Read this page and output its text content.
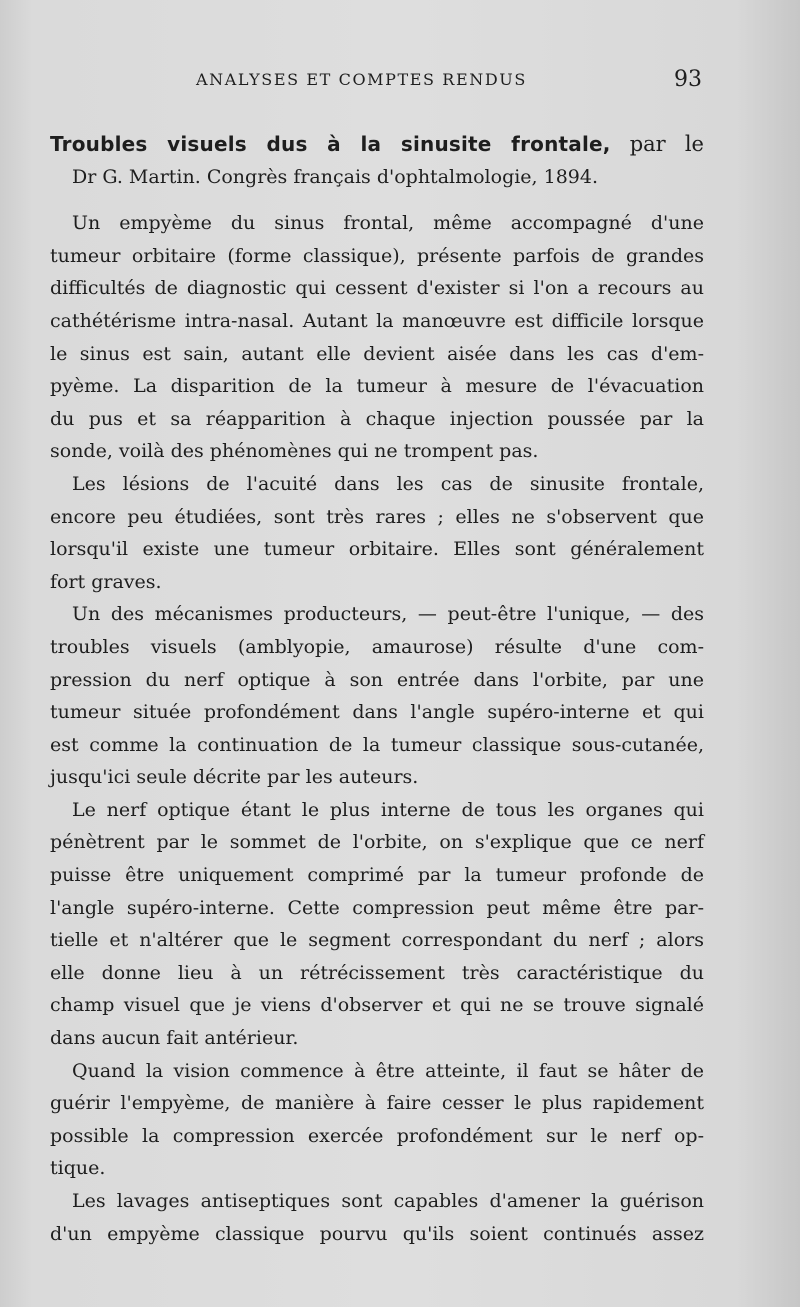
ANALYSES ET COMPTES RENDUS	93
Troubles visuels dus à la sinusite frontale, par le
Dr G. Martin. Congrès français d'ophtalmologie, 1894.
Un empyème du sinus frontal, même accompagné d'une
tumeur orbitaire (forme classique), présente parfois de grandes
difficultés de diagnostic qui cessent d'exister si l'on a recours au
cathétérisme intra-nasal. Autant la manœuvre est difficile lorsque
le sinus est sain, autant elle devient aisée dans les cas d'em-
pyème. La disparition de la tumeur à mesure de l'évacuation
du pus et sa réapparition à chaque injection poussée par la
sonde, voilà des phénomènes qui ne trompent pas.
Les lésions de l'acuité dans les cas de sinusite frontale,
encore peu étudiées, sont très rares ; elles ne s'observent que
lorsqu'il existe une tumeur orbitaire. Elles sont généralement
fort graves.
Un des mécanismes producteurs, — peut-être l'unique, — des
troubles visuels (amblyopie, amaurose) résulte d'une com-
pression du nerf optique à son entrée dans l'orbite, par une
tumeur située profondément dans l'angle supéro-interne et qui
est comme la continuation de la tumeur classique sous-cutanée,
jusqu'ici seule décrite par les auteurs.
Le nerf optique étant le plus interne de tous les organes qui
pénètrent par le sommet de l'orbite, on s'explique que ce nerf
puisse être uniquement comprimé par la tumeur profonde de
l'angle supéro-interne. Cette compression peut même être par-
tielle et n'altérer que le segment correspondant du nerf ; alors
elle donne lieu à un rétrécissement très caractéristique du
champ visuel que je viens d'observer et qui ne se trouve signalé
dans aucun fait antérieur.
Quand la vision commence à être atteinte, il faut se hâter de
guérir l'empyème, de manière à faire cesser le plus rapidement
possible la compression exercée profondément sur le nerf op-
tique.
Les lavages antiseptiques sont capables d'amener la guérison
d'un empyème classique pourvu qu'ils soient continués assez
